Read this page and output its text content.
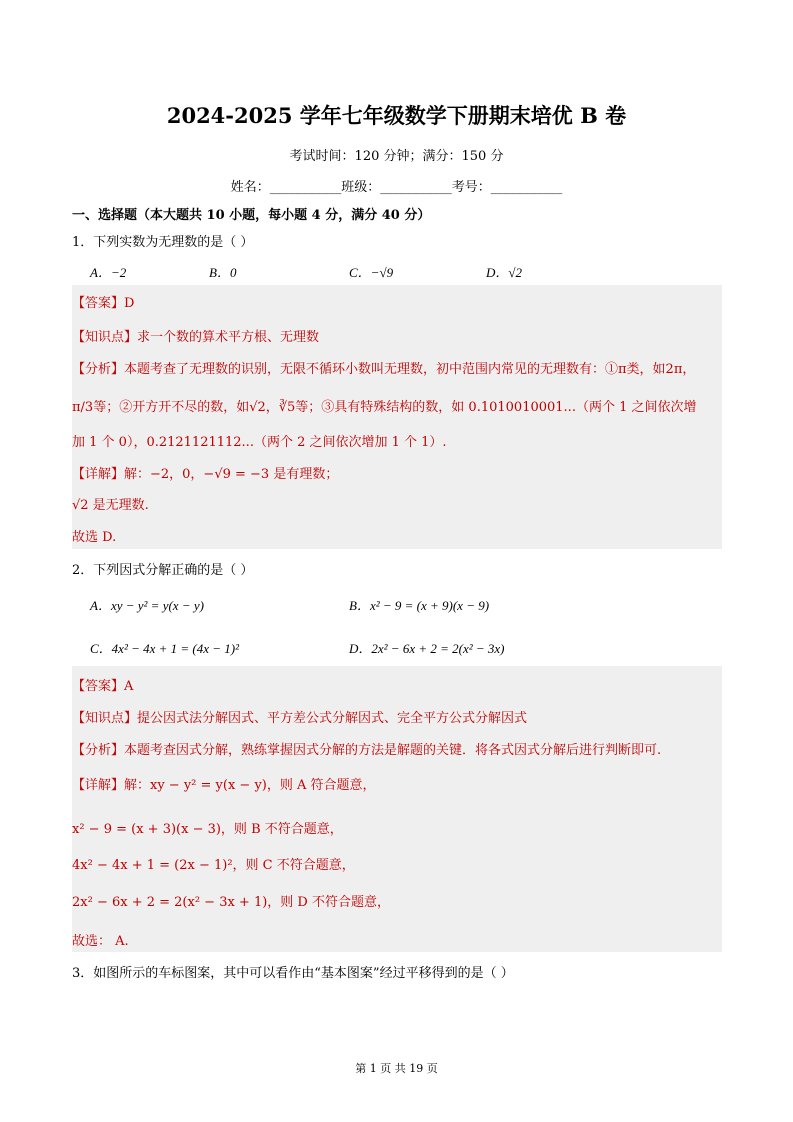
2024-2025 学年七年级数学下册期末培优 B 卷
考试时间：120 分钟；满分：150 分
姓名：___________班级：___________考号：___________
一、选择题（本大题共 10 小题，每小题 4 分，满分 40 分）
1．下列实数为无理数的是（ ）
A．−2	B．0	C．−√9	D．√2
【答案】D
【知识点】求一个数的算术平方根、无理数
【分析】本题考查了无理数的识别，无限不循环小数叫无理数，初中范围内常见的无理数有：①π类，如2π，
π/3等；②开方开不尽的数，如√2，∛5等；③具有特殊结构的数，如 0.1010010001...（两个 1 之间依次增
加 1 个 0），0.2121121112...（两个 2 之间依次增加 1 个 1）.
【详解】解：−2，0，−√9 = −3 是有理数；
√2 是无理数.
故选 D.
2．下列因式分解正确的是（ ）
A．xy − y² = y(x − y)	B．x² − 9 = (x + 9)(x − 9)
C．4x² − 4x + 1 = (4x − 1)²	D．2x² − 6x + 2 = 2(x² − 3x)
【答案】A
【知识点】提公因式法分解因式、平方差公式分解因式、完全平方公式分解因式
【分析】本题考查因式分解，熟练掌握因式分解的方法是解题的关键．将各式因式分解后进行判断即可.
【详解】解：xy − y² = y(x − y)，则 A 符合题意，
x² − 9 = (x + 3)(x − 3)，则 B 不符合题意，
4x² − 4x + 1 = (2x − 1)²，则 C 不符合题意，
2x² − 6x + 2 = 2(x² − 3x + 1)，则 D 不符合题意，
故选： A.
3．如图所示的车标图案，其中可以看作由“基本图案”经过平移得到的是（ ）
第 1 页 共 19 页
